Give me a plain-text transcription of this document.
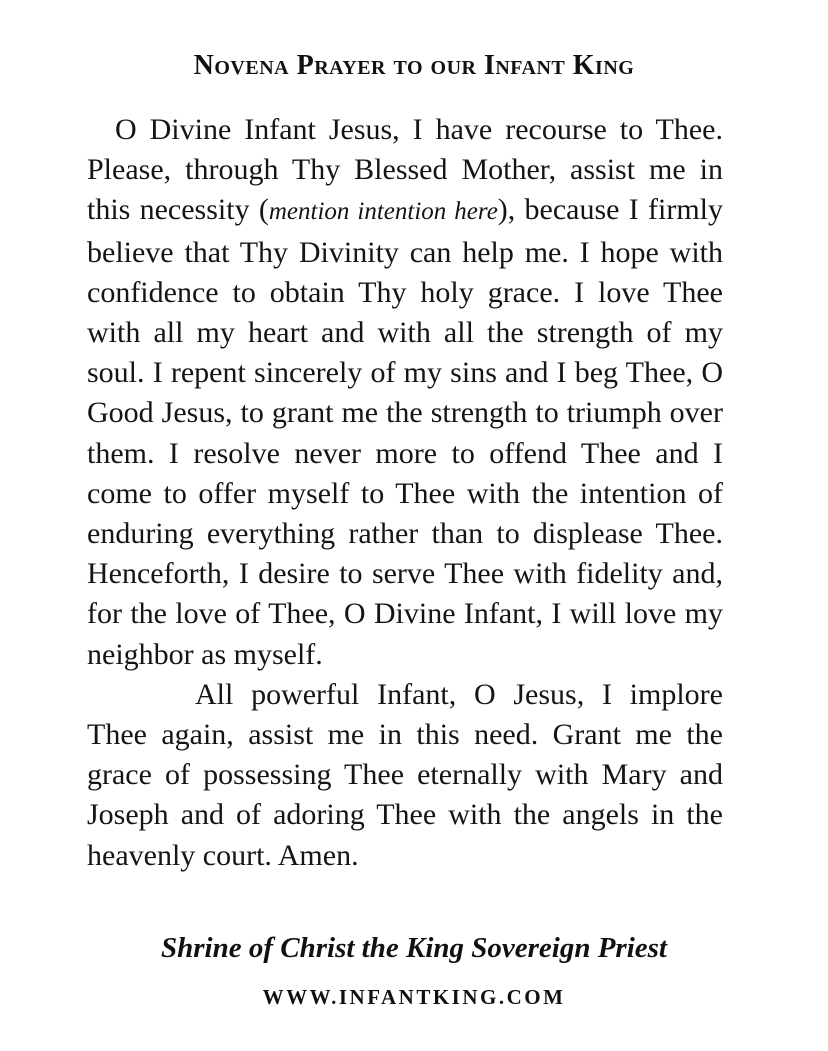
Novena Prayer to our Infant King

O Divine Infant Jesus, I have recourse to Thee. Please, through Thy Blessed Mother, assist me in this necessity (mention intention here), because I firmly believe that Thy Divinity can help me. I hope with confidence to obtain Thy holy grace. I love Thee with all my heart and with all the strength of my soul. I repent sincerely of my sins and I beg Thee, O Good Jesus, to grant me the strength to triumph over them. I resolve never more to offend Thee and I come to offer myself to Thee with the intention of enduring everything rather than to displease Thee. Henceforth, I desire to serve Thee with fidelity and, for the love of Thee, O Divine Infant, I will love my neighbor as myself.

All powerful Infant, O Jesus, I implore Thee again, assist me in this need. Grant me the grace of possessing Thee eternally with Mary and Joseph and of adoring Thee with the angels in the heavenly court. Amen.

Shrine of Christ the King Sovereign Priest
WWW.INFANTKING.COM
